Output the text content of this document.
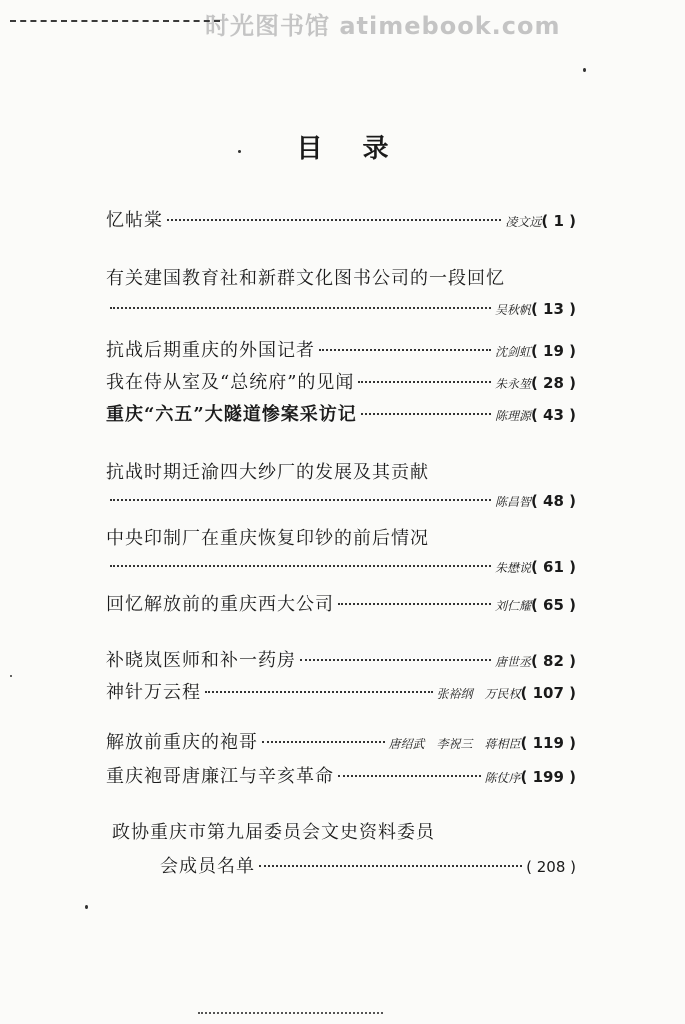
时光图书馆 atimebook.com
目录
忆帖棠	凌文远 ( 1 )
有关建国教育社和新群文化图书公司的一段回忆
吴秋帆 ( 13 )
抗战后期重庆的外国记者	沈剑虹 ( 19 )
我在侍从室及“总统府”的见闻	朱永堃 ( 28 )
重庆“六五”大隧道惨案采访记	陈理源 ( 43 )
抗战时期迁渝四大纱厂的发展及其贡献
陈昌智 ( 48 )
中央印制厂在重庆恢复印钞的前后情况
朱懋说 ( 61 )
回忆解放前的重庆西大公司	刘仁耀 ( 65 )
补晓岚医师和补一药房	唐世丞 ( 82 )
神针万云程	张裕纲　万民权 ( 107 )
解放前重庆的袍哥	唐绍武　李祝三　蒋相臣 ( 119 )
重庆袍哥唐廉江与辛亥革命	陈仗序 ( 199 )
政协重庆市第九届委员会文史资料委员
会成员名单	( 208 )
